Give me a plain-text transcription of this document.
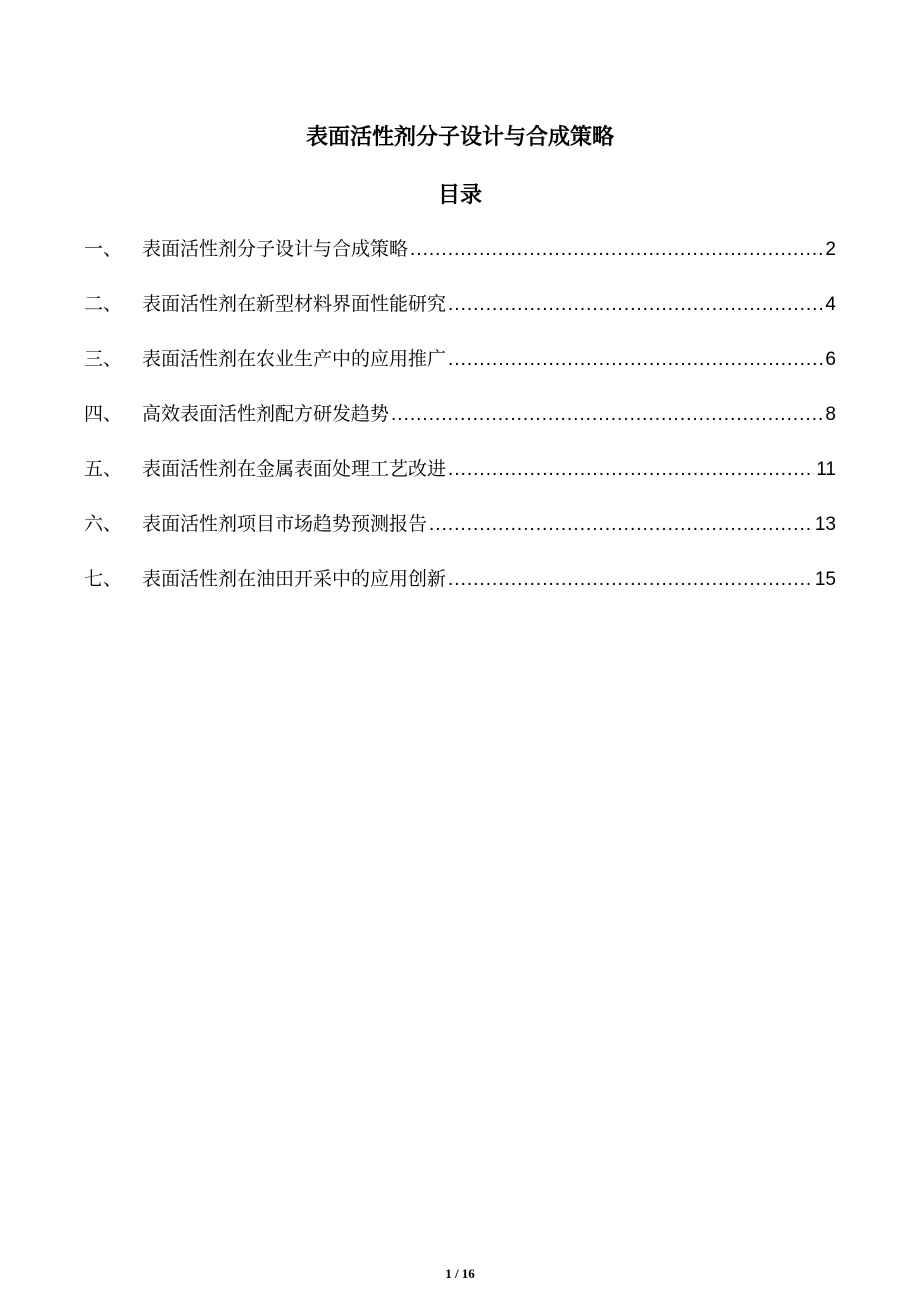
表面活性剂分子设计与合成策略
目录
一、	表面活性剂分子设计与合成策略 .....	2
二、	表面活性剂在新型材料界面性能研究 .....	4
三、	表面活性剂在农业生产中的应用推广 .....	6
四、	高效表面活性剂配方研发趋势 .....	8
五、	表面活性剂在金属表面处理工艺改进 .....	11
六、	表面活性剂项目市场趋势预测报告 .....	13
七、	表面活性剂在油田开采中的应用创新 .....	15
1 / 16
